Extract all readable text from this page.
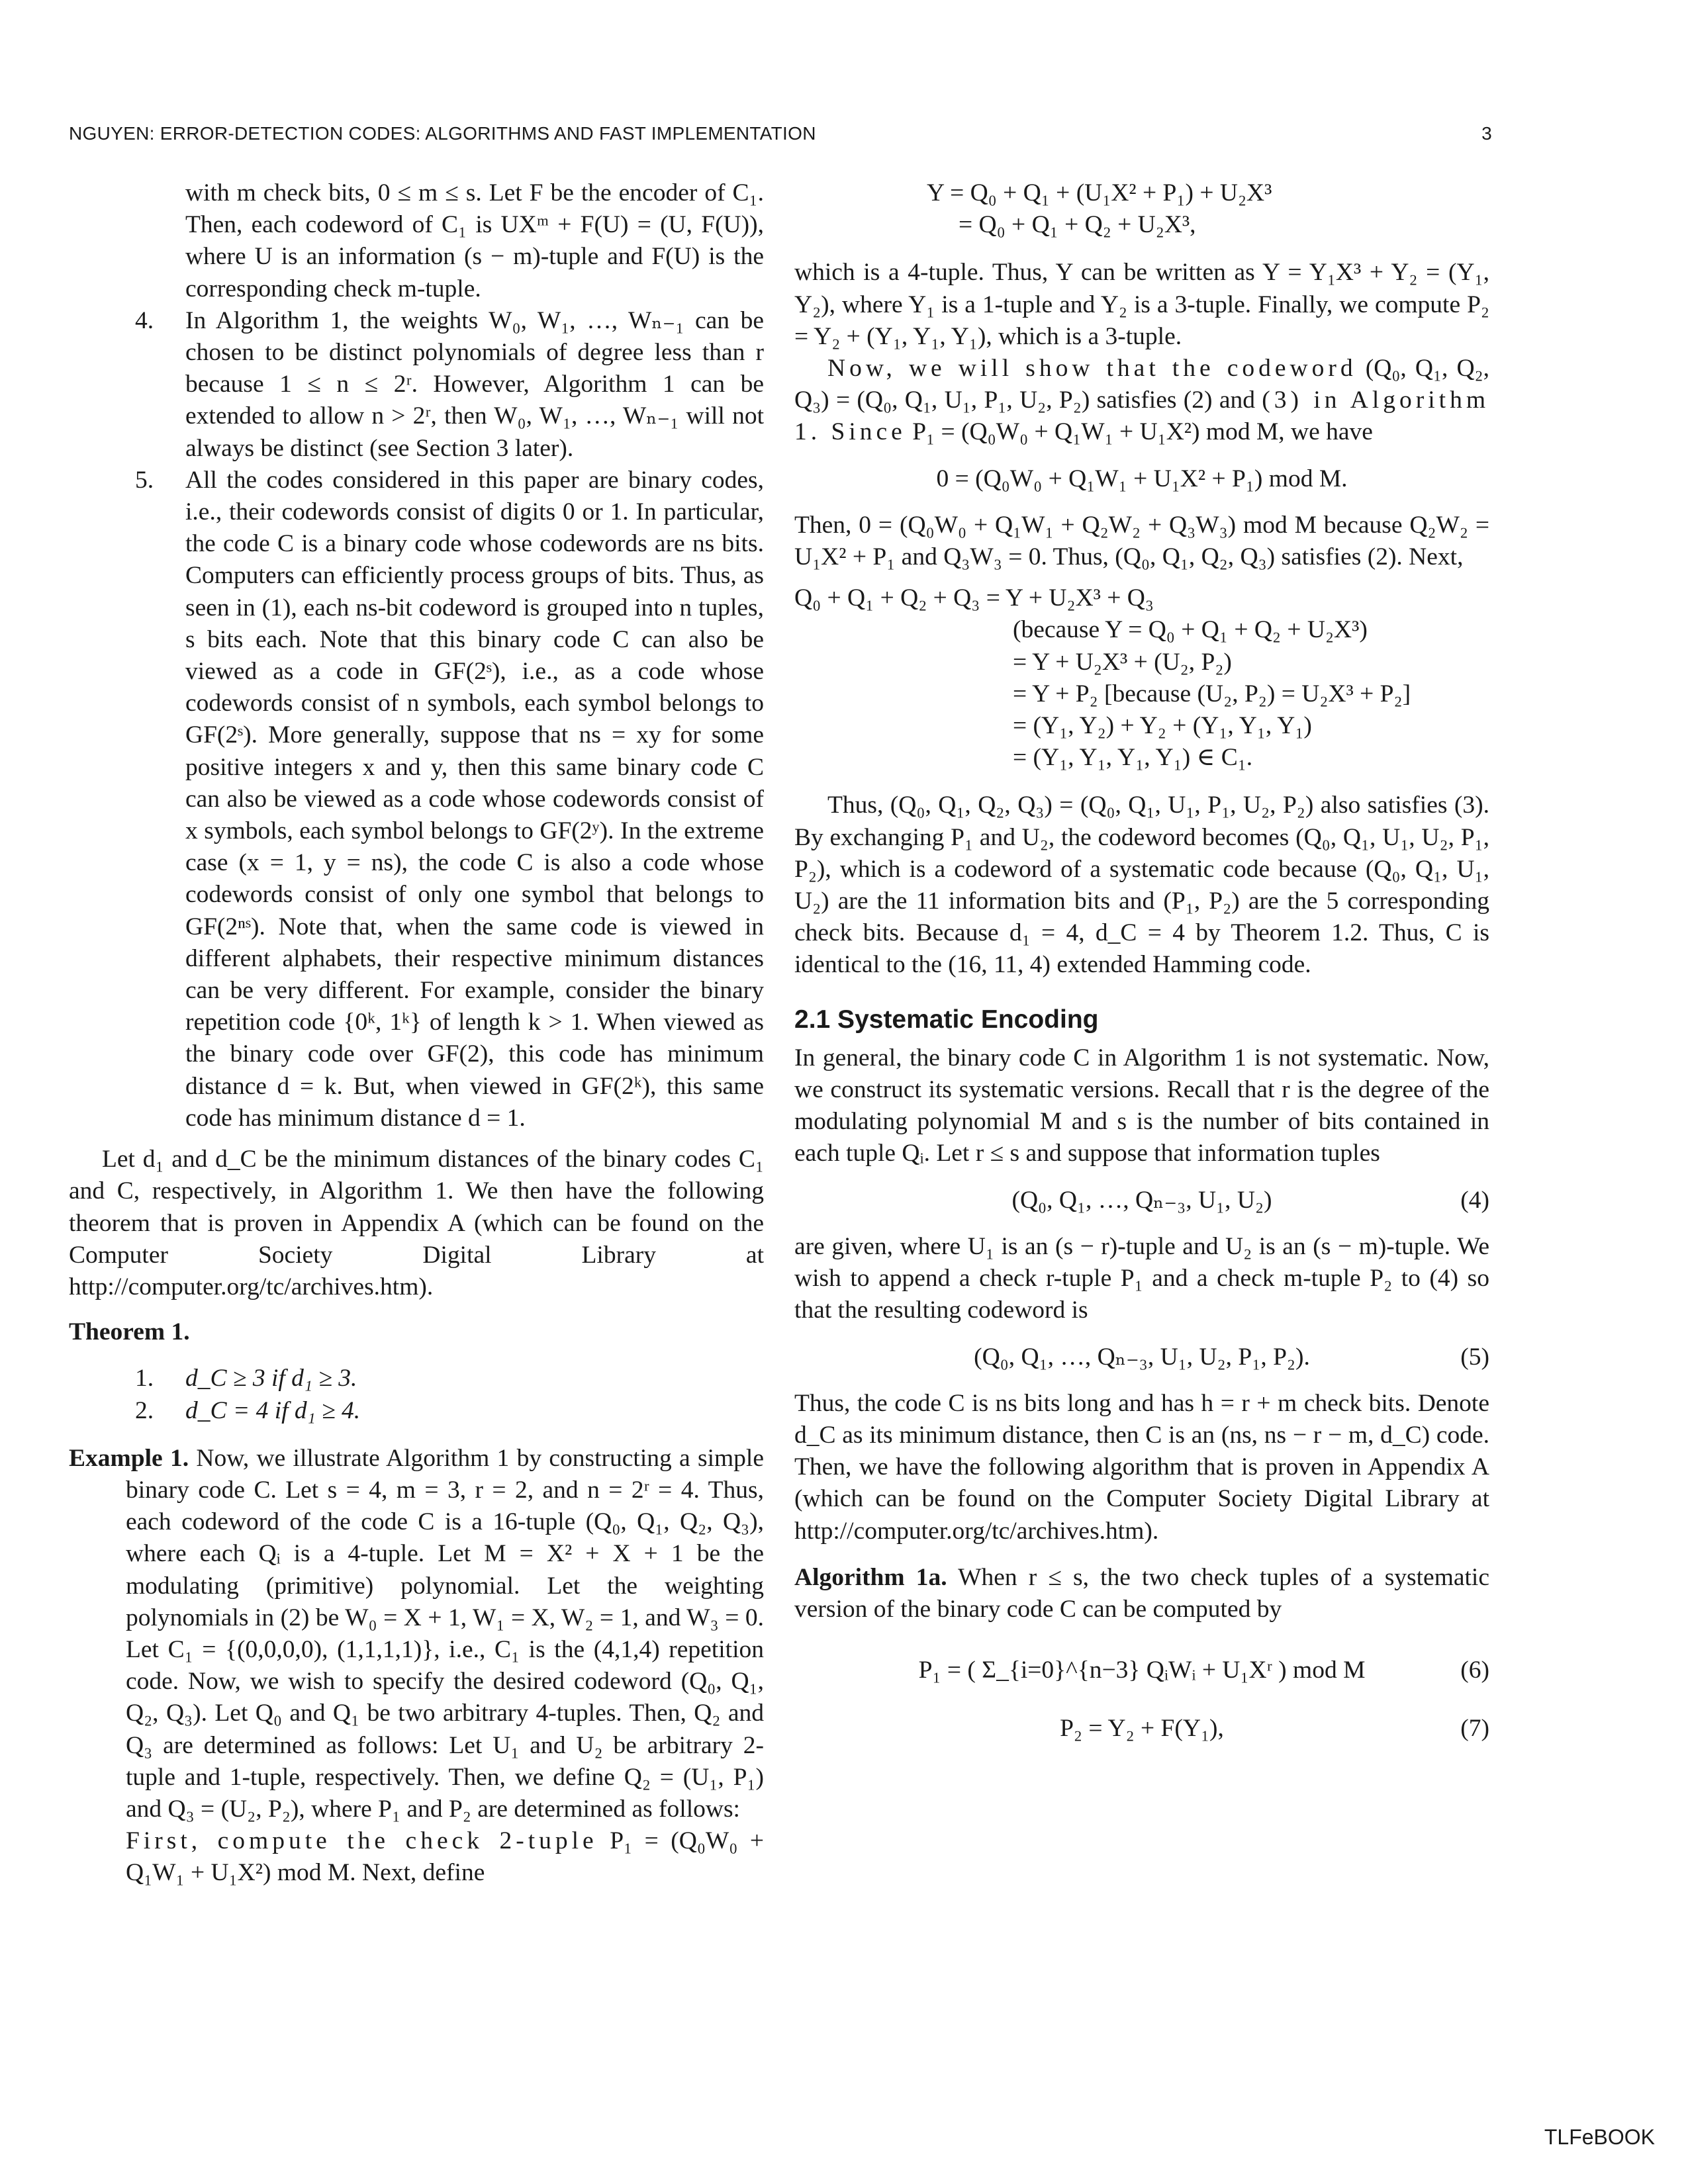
NGUYEN: ERROR-DETECTION CODES: ALGORITHMS AND FAST IMPLEMENTATION	3

with m check bits, 0 ≤ m ≤ s. Let F be the encoder of C₁. Then, each codeword of C₁ is UXᵐ + F(U) = (U, F(U)), where U is an information (s − m)-tuple and F(U) is the corresponding check m-tuple.

4. In Algorithm 1, the weights W₀, W₁, …, Wₙ₋₁ can be chosen to be distinct polynomials of degree less than r because 1 ≤ n ≤ 2ʳ. However, Algorithm 1 can be extended to allow n > 2ʳ, then W₀, W₁, …, Wₙ₋₁ will not always be distinct (see Section 3 later).
5. All the codes considered in this paper are binary codes, i.e., their codewords consist of digits 0 or 1. In particular, the code C is a binary code whose codewords are ns bits. Computers can efficiently process groups of bits. Thus, as seen in (1), each ns-bit codeword is grouped into n tuples, s bits each. Note that this binary code C can also be viewed as a code in GF(2ˢ), i.e., as a code whose codewords consist of n symbols, each symbol belongs to GF(2ˢ). More generally, suppose that ns = xy for some positive integers x and y, then this same binary code C can also be viewed as a code whose codewords consist of x symbols, each symbol belongs to GF(2ʸ). In the extreme case (x = 1, y = ns), the code C is also a code whose codewords consist of only one symbol that belongs to GF(2ⁿˢ). Note that, when the same code is viewed in different alphabets, their respective minimum distances can be very different. For example, consider the binary repetition code {0ᵏ, 1ᵏ} of length k > 1. When viewed as the binary code over GF(2), this code has minimum distance d = k. But, when viewed in GF(2ᵏ), this same code has minimum distance d = 1.

Let d₁ and d_C be the minimum distances of the binary codes C₁ and C, respectively, in Algorithm 1. We then have the following theorem that is proven in Appendix A (which can be found on the Computer Society Digital Library at http://computer.org/tc/archives.htm).

Theorem 1.

1. d_C ≥ 3 if d₁ ≥ 3.
2. d_C = 4 if d₁ ≥ 4.

Example 1. Now, we illustrate Algorithm 1 by constructing a simple binary code C. Let s = 4, m = 3, r = 2, and n = 2ʳ = 4. Thus, each codeword of the code C is a 16-tuple (Q₀, Q₁, Q₂, Q₃), where each Qᵢ is a 4-tuple. Let M = X² + X + 1 be the modulating (primitive) polynomial. Let the weighting polynomials in (2) be W₀ = X + 1, W₁ = X, W₂ = 1, and W₃ = 0. Let C₁ = {(0,0,0,0), (1,1,1,1)}, i.e., C₁ is the (4,1,4) repetition code. Now, we wish to specify the desired codeword (Q₀, Q₁, Q₂, Q₃). Let Q₀ and Q₁ be two arbitrary 4-tuples. Then, Q₂ and Q₃ are determined as follows: Let U₁ and U₂ be arbitrary 2-tuple and 1-tuple, respectively. Then, we define Q₂ = (U₁, P₁) and Q₃ = (U₂, P₂), where P₁ and P₂ are determined as follows:

First, compute the check 2-tuple P₁ = (Q₀W₀ + Q₁W₁ + U₁X²) mod M. Next, define

Y = Q₀ + Q₁ + (U₁X² + P₁) + U₂X³
= Q₀ + Q₁ + Q₂ + U₂X³,

which is a 4-tuple. Thus, Y can be written as Y = Y₁X³ + Y₂ = (Y₁, Y₂), where Y₁ is a 1-tuple and Y₂ is a 3-tuple. Finally, we compute P₂ = Y₂ + (Y₁, Y₁, Y₁), which is a 3-tuple.

Now, we will show that the codeword (Q₀, Q₁, Q₂, Q₃) = (Q₀, Q₁, U₁, P₁, U₂, P₂) satisfies (2) and (3) in Algorithm 1. Since P₁ = (Q₀W₀ + Q₁W₁ + U₁X²) mod M, we have

0 = (Q₀W₀ + Q₁W₁ + U₁X² + P₁) mod M.

Then, 0 = (Q₀W₀ + Q₁W₁ + Q₂W₂ + Q₃W₃) mod M because Q₂W₂ = U₁X² + P₁ and Q₃W₃ = 0. Thus, (Q₀, Q₁, Q₂, Q₃) satisfies (2). Next,

Q₀ + Q₁ + Q₂ + Q₃ = Y + U₂X³ + Q₃
(because Y = Q₀ + Q₁ + Q₂ + U₂X³)
= Y + U₂X³ + (U₂, P₂)
= Y + P₂ [because (U₂, P₂) = U₂X³ + P₂]
= (Y₁, Y₂) + Y₂ + (Y₁, Y₁, Y₁)
= (Y₁, Y₁, Y₁, Y₁) ∈ C₁.

Thus, (Q₀, Q₁, Q₂, Q₃) = (Q₀, Q₁, U₁, P₁, U₂, P₂) also satisfies (3). By exchanging P₁ and U₂, the codeword becomes (Q₀, Q₁, U₁, U₂, P₁, P₂), which is a codeword of a systematic code because (Q₀, Q₁, U₁, U₂) are the 11 information bits and (P₁, P₂) are the 5 corresponding check bits. Because d₁ = 4, d_C = 4 by Theorem 1.2. Thus, C is identical to the (16, 11, 4) extended Hamming code.

2.1 Systematic Encoding

In general, the binary code C in Algorithm 1 is not systematic. Now, we construct its systematic versions. Recall that r is the degree of the modulating polynomial M and s is the number of bits contained in each tuple Qᵢ. Let r ≤ s and suppose that information tuples

(Q₀, Q₁, …, Qₙ₋₃, U₁, U₂)	(4)

are given, where U₁ is an (s − r)-tuple and U₂ is an (s − m)-tuple. We wish to append a check r-tuple P₁ and a check m-tuple P₂ to (4) so that the resulting codeword is

(Q₀, Q₁, …, Qₙ₋₃, U₁, U₂, P₁, P₂).	(5)

Thus, the code C is ns bits long and has h = r + m check bits. Denote d_C as its minimum distance, then C is an (ns, ns − r − m, d_C) code. Then, we have the following algorithm that is proven in Appendix A (which can be found on the Computer Society Digital Library at http://computer.org/tc/archives.htm).

Algorithm 1a. When r ≤ s, the two check tuples of a systematic version of the binary code C can be computed by

P₁ = ( Σ_{i=0}^{n−3} QᵢWᵢ + U₁Xʳ ) mod M	(6)
P₂ = Y₂ + F(Y₁),	(7)
TLFeBOOK
